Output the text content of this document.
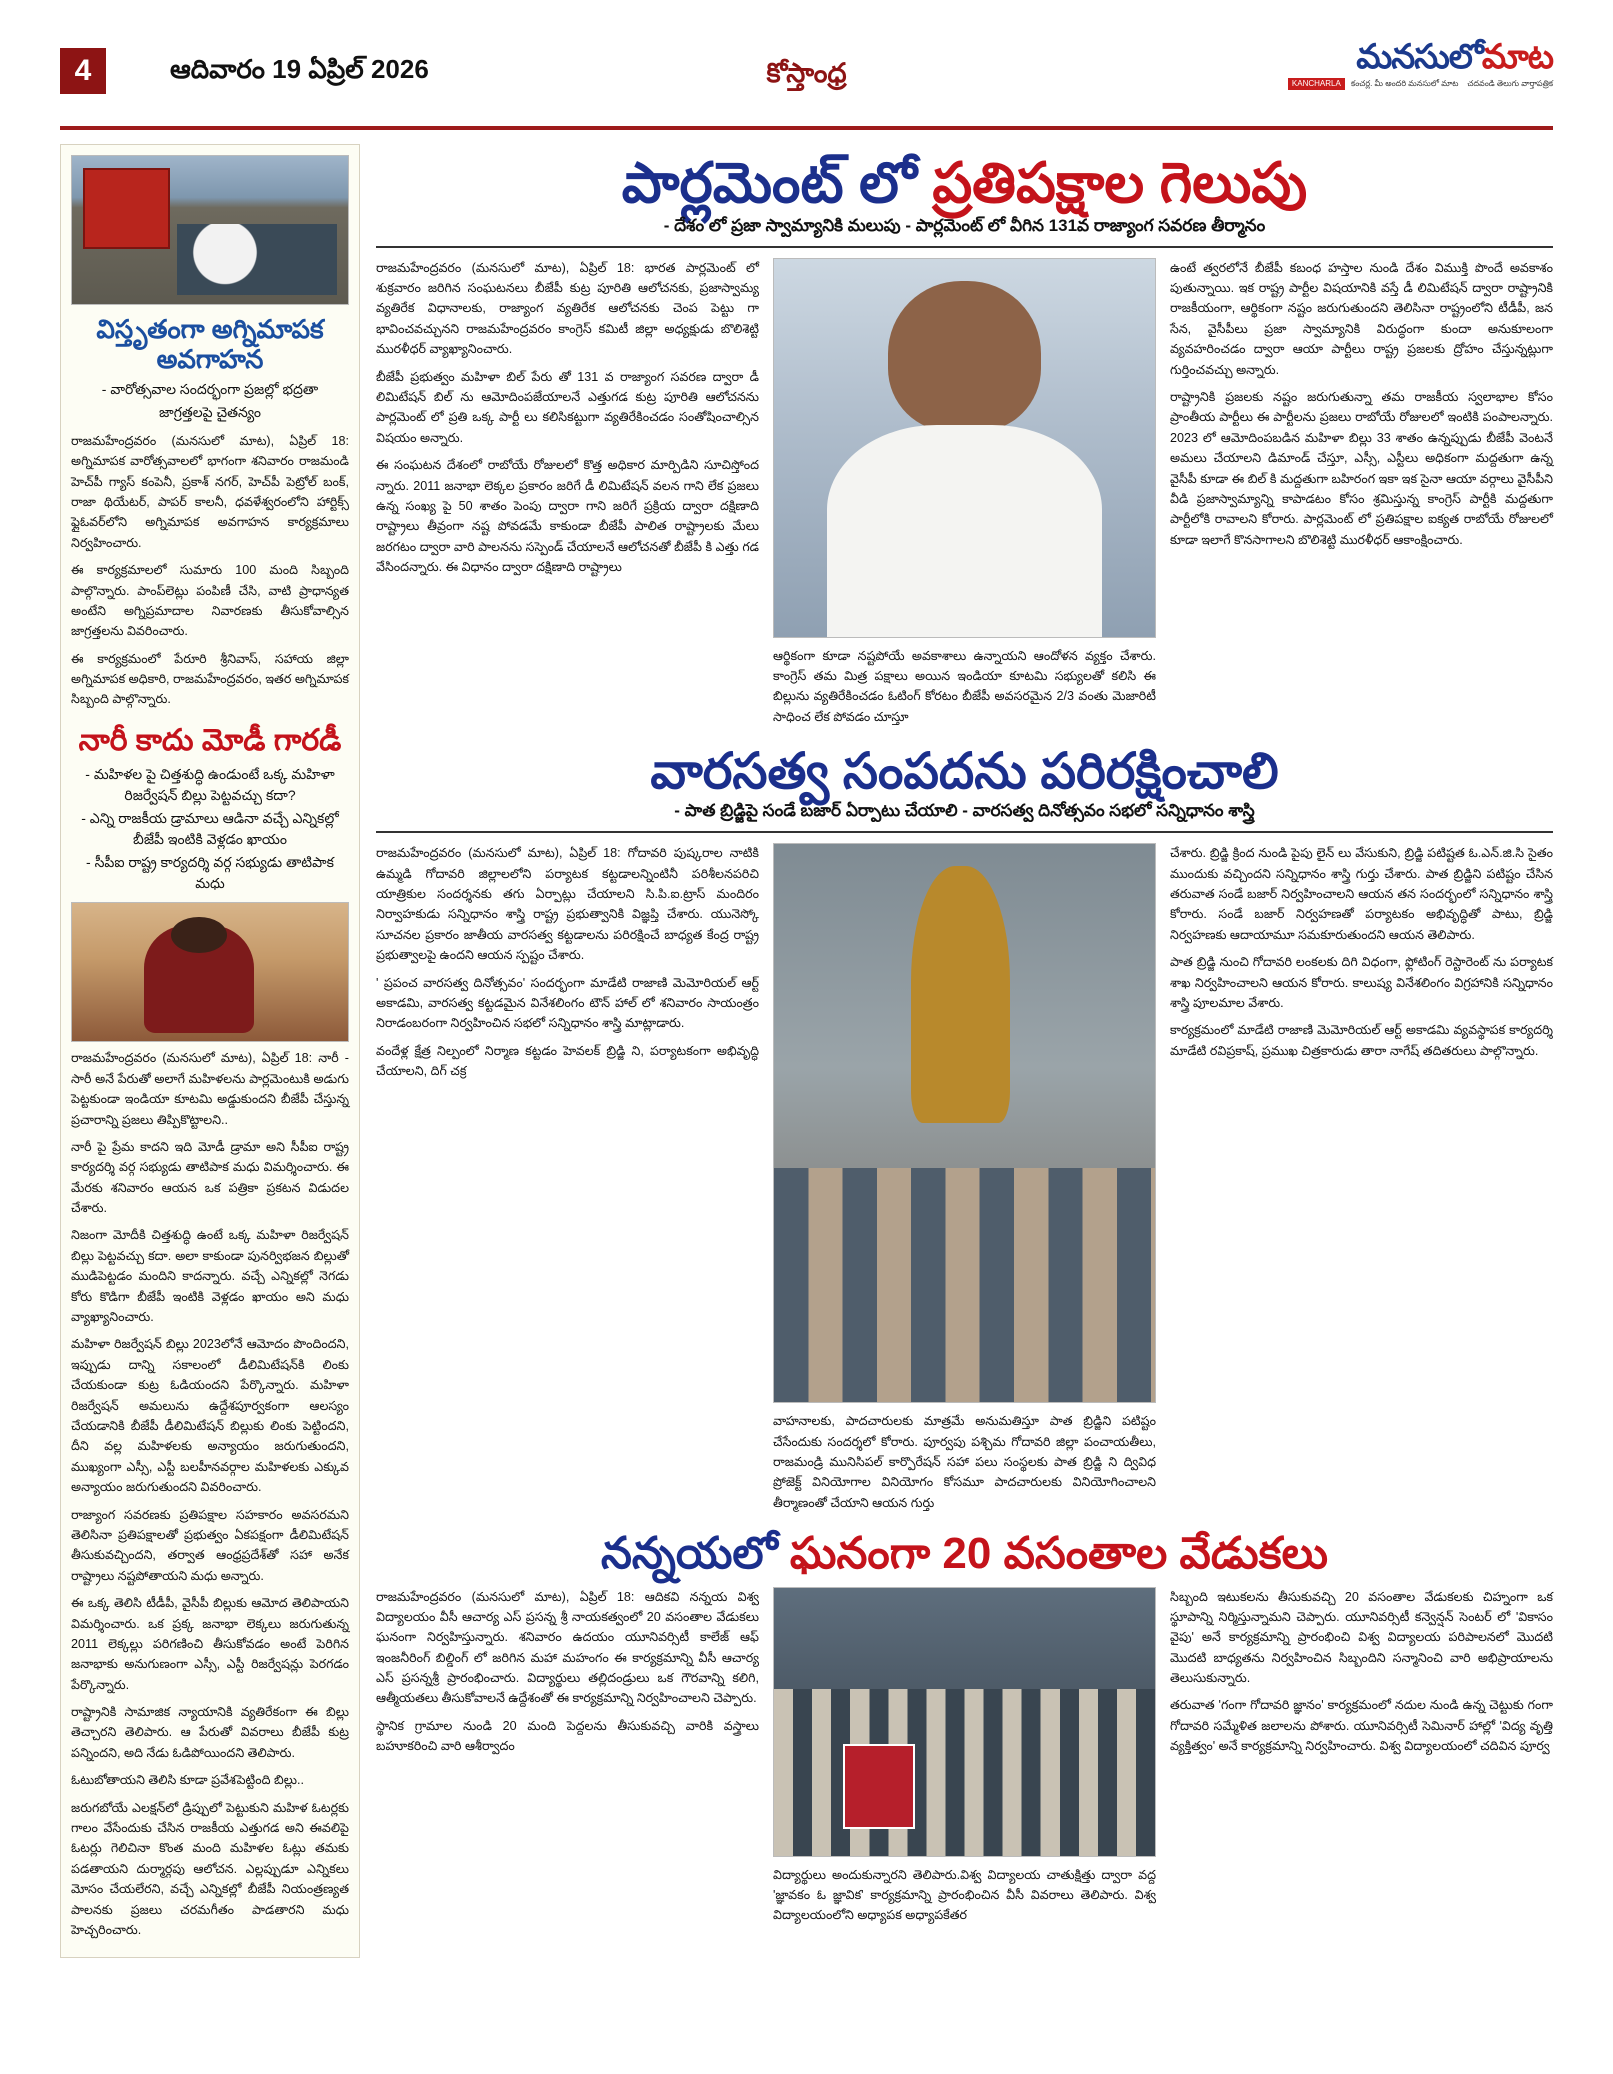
4	ఆదివారం 19 ఏప్రిల్ 2026	కోస్తాంధ్ర	మనసులోమాట
KANCHARLA కంచర్ల. మీ అందరి మనసులో మాట చదవండి తెలుగు వార్తాపత్రిక
విస్తృతంగా అగ్నిమాపక అవగాహన
- వారోత్సవాల సందర్భంగా ప్రజల్లో భద్రతా
జాగ్రత్తలపై చైతన్యం

రాజమహేంద్రవరం (మనసులో మాట), ఏప్రిల్ 18: అగ్నిమాపక వారోత్సవాలలో భాగంగా శనివారం రాజమండి హెచ్​పీ గ్యాస్ కంపెనీ, ప్రకాశ్ నగర్, హెచ్​పీ పెట్రోల్ బంక్, రాజా థియేటర్, పాపర్ కాలనీ, ధవళేశ్వరంలోని హార్టిక్స్ ఫ్లైఓవర్​లోని అగ్నిమాపక అవగాహన కార్యక్రమాలు నిర్వహించారు.

ఈ కార్యక్రమాలలో సుమారు 100 మంది సిబ్బంది పాల్గొన్నారు. పాంప్​లెట్లు పంపిణీ చేసి, వాటి ప్రాధాన్యత అంటేని అగ్నిప్రమాదాల నివారణకు తీసుకోవాల్సిన జాగ్రత్తలను వివరించారు.

ఈ కార్యక్రమంలో పేరూరి శ్రీనివాస్, సహాయ జిల్లా అగ్నిమాపక అధికారి, రాజమహేంద్రవరం, ఇతర అగ్నిమాపక సిబ్బంది పాల్గొన్నారు.

నారీ కాదు మోడీ గారడీ
- మహిళల పై చిత్తశుద్ధి ఉండుంటే ఒక్క మహిళా రిజర్వేషన్ బిల్లు పెట్టవచ్చు కదా?
- ఎన్ని రాజకీయ డ్రామాలు ఆడినా వచ్చే ఎన్నికల్లో బీజేపీ ఇంటికి వెళ్లడం ఖాయం
- సీపీఐ రాష్ట్ర కార్యదర్శి వర్గ సభ్యుడు తాటిపాక మధు

రాజమహేంద్రవరం (మనసులో మాట), ఏప్రిల్ 18: నారీ - సారీ అనే పేరుతో అలాగే మహిళలను పార్లమెంటుకి అడుగు పెట్టకుండా ఇండియా కూటమి అడ్డుకుందని బీజేపీ చేస్తున్న ప్రచారాన్ని ప్రజలు తిప్పికొట్టాలని..

నారీ పై ప్రేమ కాదని ఇది మోడీ డ్రామా అని సీపీఐ రాష్ట్ర కార్యదర్శి వర్గ సభ్యుడు తాటిపాక మధు విమర్శించారు. ఈ మేరకు శనివారం ఆయన ఒక పత్రికా ప్రకటన విడుదల చేశారు.

నిజంగా మోదీకి చిత్తశుద్ధి ఉంటే ఒక్క మహిళా రిజర్వేషన్ బిల్లు పెట్టవచ్చు కదా. అలా కాకుండా పునర్విభజన బిల్లుతో ముడిపెట్టడం మందిని కాదన్నారు. వచ్చే ఎన్నికల్లో నెగడు కోరు కొడిగా బీజేపీ ఇంటికి వెళ్లడం ఖాయం అని మధు వ్యాఖ్యానించారు.

మహిళా రిజర్వేషన్ బిల్లు 2023లోనే ఆమోదం పొందిందని, ఇప్పుడు దాన్ని సకాలంలో డీలిమిటేషన్​కి లింకు చేయకుండా కుట్ర ఓడియందని పేర్కొన్నారు. మహిళా రిజర్వేషన్ అమలును ఉద్దేశపూర్వకంగా ఆలస్యం చేయడానికి బీజేపీ డీలిమిటేషన్ బిల్లుకు లింకు పెట్టిందని, దీని వల్ల మహిళలకు అన్యాయం జరుగుతుందని, ముఖ్యంగా ఎస్సీ, ఎస్టీ బలహీనవర్గాల మహిళలకు ఎక్కువ అన్యాయం జరుగుతుందని వివరించారు.

రాజ్యాంగ సవరణకు ప్రతిపక్షాల సహకారం అవసరమని తెలిసినా ప్రతిపక్షాలతో ప్రభుత్వం ఏకపక్షంగా డీలిమిటేషన్ తీసుకువచ్చిందని, తర్వాత ఆంధ్రప్రదేశ్​తో సహా అనేక రాష్ట్రాలు నష్టపోతాయని మధు అన్నారు.

ఈ ఒక్క తెలిసి టీడీపీ, వైసీపీ బిల్లుకు ఆమోద తెలిపాయని విమర్శించారు. ఒక ప్రక్క జనాభా లెక్కలు జరుగుతున్న 2011 లెక్కల్లు పరిగణించి తీసుకోవడం అంటే పెరిగిన జనాభాకు అనుగుణంగా ఎస్సీ, ఎస్టీ రిజర్వేషన్లు పెరగడం పేర్కొన్నారు.

రాష్ట్రానికి సామాజిక న్యాయానికి వ్యతిరేకంగా ఈ బిల్లు తెచ్చారని తెలిపారు. ఆ పేరుతో వివరాలు బీజేపీ కుట్ర పన్నిందని, అది నేడు ఓడిపోయిందని తెలిపారు.

ఓటుబోతాయని తెలిసి కూడా ప్రవేశపెట్టింది బిల్లు..

జరుగబోయే ఎలక్షన్​లో డ్రిప్పులో పెట్టుకుని మహిళ ఓటర్లకు గాలం వేసేందుకు చేసిన రాజకీయ ఎత్తుగడ అని ఈవలిపై ఓటర్లు గెలిచినా కొంత మంది మహిళల ఓట్లు తమకు పడతాయని దుర్మార్గపు ఆలోచన. ఎల్లప్పుడూ ఎన్నికలు మోసం చేయలేరని, వచ్చే ఎన్నికల్లో బీజేపీ నియంత్రణ్యత పాలనకు ప్రజలు చరమగీతం పాడతారని మధు హెచ్చరించారు.

పార్లమెంట్ లో ప్రతిపక్షాల గెలుపు
- దేశం లో ప్రజా స్వామ్యానికి మలుపు - పార్లమెంట్ లో వీగిన 131వ రాజ్యాంగ సవరణ తీర్మానం

రాజమహేంద్రవరం (మనసులో మాట), ఏప్రిల్ 18: భారత పార్లమెంట్ లో శుక్రవారం జరిగిన సంఘటనలు బీజేపీ కుట్ర పూరితి ఆలోచనకు, ప్రజాస్వామ్య వ్యతిరేక విధానాలకు, రాజ్యాంగ వ్యతిరేక ఆలోచనకు చెంప పెట్టు గా భావించవచ్చునని రాజమహేంద్రవరం కాంగ్రెస్ కమిటీ జిల్లా అధ్యక్షుడు బొలిశెట్టి మురళీధర్ వ్యాఖ్యానించారు.

బీజేపీ ప్రభుత్వం మహిళా బిల్ పేరు తో 131 వ రాజ్యాంగ సవరణ ద్వారా డీ లిమిటేషన్ బిల్ ను ఆమోదింపజేయాలనే ఎత్తుగడ కుట్ర పూరితి ఆలోచనను పార్లమెంట్ లో ప్రతి ఒక్క పార్టీ లు కలిసికట్టుగా వ్యతిరేకించడం సంతోషించాల్సిన విషయం అన్నారు.

ఈ సంఘటన దేశంలో రాబోయే రోజులలో కొత్త అధికార మార్పిడిని సూచిస్తోంద న్నారు. 2011 జనాభా లెక్కల ప్రకారం జరిగే డీ లిమిటేషన్ వలన గాని లేక ప్రజలు ఉన్న సంఖ్య పై 50 శాతం పెంపు ద్వారా గాని జరిగే ప్రక్రియ ద్వారా దక్షిణాది రాష్ట్రాలు తీవ్రంగా నష్ట పోవడమే కాకుండా బీజేపీ పాలిత రాష్ట్రాలకు మేలు జరగటం ద్వారా వారి పాలనను సస్పెండ్ చేయాలనే ఆలోచనతో బీజేపీ కి ఎత్తు గడ వేసిందన్నారు. ఈ విధానం ద్వారా దక్షిణాది రాష్ట్రాలు

ఆర్థికంగా కూడా నష్టపోయే అవకాశాలు ఉన్నాయని ఆందోళన వ్యక్తం చేశారు. కాంగ్రెస్ తమ మిత్ర పక్షాలు అయిన ఇండియా కూటమి సభ్యులతో కలిసి ఈ బిల్లును వ్యతిరేకించడం ఓటింగ్ కోరటం బీజేపీ అవసరమైన 2/3 వంతు మెజారిటీ సాధించ లేక పోవడం చూస్తూ

ఉంటే త్వరలోనే బీజేపీ కబంధ హస్తాల నుండి దేశం విముక్తి పొందే అవకాశం పుతున్నాయి. ఇక రాష్ట్ర పార్టీల విషయానికి వస్తే డీ లిమిటేషన్ ద్వారా రాష్ట్రానికి రాజకీయంగా, ఆర్థికంగా నష్టం జరుగుతుందని తెలిసినా రాష్ట్రంలోని టీడీపీ, జన సేన, వైసీపీలు ప్రజా స్వామ్యానికి విరుద్ధంగా కుందా అనుకూలంగా వ్యవహరించడం ద్వారా ఆయా పార్టీలు రాష్ట్ర ప్రజలకు ద్రోహం చేస్తున్నట్లుగా గుర్తించవచ్చు అన్నారు.

రాష్ట్రానికి ప్రజలకు నష్టం జరుగుతున్నా తమ రాజకీయ స్వలాభాల కోసం ప్రాంతీయ పార్టీలు ఈ పార్టీలను ప్రజలు రాబోయే రోజులలో ఇంటికి పంపాలన్నారు. 2023 లో ఆమోదింపబడిన మహిళా బిల్లు 33 శాతం ఉన్నప్పుడు బీజేపీ వెంటనే అమలు చేయాలని డిమాండ్ చేస్తూ, ఎస్సీ, ఎస్టీలు అధికంగా మద్దతుగా ఉన్న వైసీపీ కూడా ఈ బిల్ కి మద్దతుగా బహిరంగ ఇకా ఇక సైనా ఆయా వర్గాలు వైసీపీని వీడి ప్రజాస్వామ్యాన్ని కాపాడటం కోసం శ్రమిస్తున్న కాంగ్రెస్ పార్టీకి మద్దతుగా పార్టీలోకి రావాలని కోరారు. పార్లమెంట్ లో ప్రతిపక్షాల ఐక్యత రాబోయే రోజులలో కూడా ఇలాగే కొనసాగాలని బొలిశెట్టి మురళీధర్ ఆకాంక్షించారు.

వారసత్వ సంపదను పరిరక్షించాలి
- పాత బ్రిడ్జిపై సండే బజార్ ఏర్పాటు చేయాలి - వారసత్వ దినోత్సవం సభలో సన్నిధానం శాస్త్రి

రాజమహేంద్రవరం (మనసులో మాట), ఏప్రిల్ 18: గోదావరి పుష్కరాల నాటికి ఉమ్మడి గోదావరి జిల్లాలలోని పర్యాటక కట్టడాలన్నింటినీ పరిశీలనపరిచి యాత్రికుల సందర్శనకు తగు ఏర్పాట్లు చేయాలని సి.పి.ఐ.ట్రాస్ మందిరం నిర్వాహకుడు సన్నిధానం శాస్త్రి రాష్ట్ర ప్రభుత్వానికి విజ్ఞప్తి చేశారు. యునెస్కో సూచనల ప్రకారం జాతీయ వారసత్వ కట్టడాలను పరిరక్షించే బాధ్యత కేంద్ర రాష్ట్ర ప్రభుత్వాలపై ఉందని ఆయన స్పష్టం చేశారు.

' ప్రపంచ వారసత్వ దినోత్సవం' సందర్భంగా మాడేటి రాజాణి మెమోరియల్ ఆర్ట్ అకాడమి, వారసత్వ కట్టడమైన వినేశలింగం టౌన్ హాల్ లో శనివారం సాయంత్రం నిరాడంబరంగా నిర్వహించిన సభలో సన్నిధానం శాస్త్రి మాట్లాడారు.

వందేళ్ల క్షేత్ర నిల్పంలో నిర్మాణ కట్టడం హెవలక్ బ్రిడ్జి ని, పర్యాటకంగా అభివృద్ధి చేయాలని, దిగ్ చక్ర

వాహనాలకు, పాదచారులకు మాత్రమే అనుమతిస్తూ పాత బ్రిడ్జిని పటిష్టం చేసేందుకు సందర్శలో కోరారు. పూర్వపు పశ్చిమ గోదావరి జిల్లా పంచాయతీలు, రాజమండ్రి మునిసిపల్ కార్పొరేషన్ సహా పలు సంస్థలకు పాత బ్రిడ్జి ని ద్వివిధ ప్రోజెక్ట్ వినియోగాల వినియోగం కోసమూ పాదచారులకు వినియోగించాలని తీర్మాణంతో చేయాని ఆయన గుర్తు

చేశారు. బ్రిడ్జి క్రింద నుండి పైపు లైన్ లు వేసుకుని, బ్రిడ్జి పటిష్టత ఓ.ఎన్.జి.సి సైతం ముందుకు వచ్చిందని సన్నిధానం శాస్త్రి గుర్తు చేశారు. పాత బ్రిడ్జిని పటిష్టం చేసిన తరువాత సండే బజార్ నిర్వహించాలని ఆయన తన సందర్భంలో సన్నిధానం శాస్త్రి కోరారు. సండే బజార్ నిర్వహణతో పర్యాటకం అభివృద్ధితో పాటు, బ్రిడ్జి నిర్వహణకు ఆదాయామూ సమకూరుతుందని ఆయన తెలిపారు.

పాత బ్రిడ్జి నుంచి గోదావరి లంకలకు దిగి విధంగా, ఫ్లోటింగ్ రెస్టారెంట్ ను పర్యాటక శాఖ నిర్వహించాలని ఆయన కోరారు. కాలుష్య వినేశలింగం విగ్రహానికి సన్నిధానం శాస్త్రి పూలమాల వేశారు.

కార్యక్రమంలో మాడేటి రాజాణి మెమోరియల్ ఆర్ట్ అకాడమి వ్యవస్థాపక కార్యదర్శి మాడేటి రవిప్రకాష్, ప్రముఖ చిత్రకారుడు తారా నాగేష్ తదితరులు పాల్గొన్నారు.

నన్నయలో ఘనంగా 20 వసంతాల వేడుకలు

రాజమహేంద్రవరం (మనసులో మాట), ఏప్రిల్ 18: ఆదికవి నన్నయ విశ్వ విద్యాలయం వీసీ ఆచార్య ఎస్ ప్రసన్న శ్రీ నాయకత్వంలో 20 వసంతాల వేడుకలు ఘనంగా నిర్వహిస్తున్నారు. శనివారం ఉదయం యూనివర్సిటీ కాలేజ్ ఆఫ్ ఇంజనీరింగ్ బిల్డింగ్ లో జరిగిన మహా మహంగం ఈ కార్యక్రమాన్ని వీసీ ఆచార్య ఎస్ ప్రసన్నశ్రీ ప్రారంభించారు. విద్యార్థులు తల్లిదండ్రులు ఒక గౌరవాన్ని కలిగి, ఆత్మీయతలు తీసుకోవాలనే ఉద్దేశంతో ఈ కార్యక్రమాన్ని నిర్వహించాలని చెప్పారు.

స్థానిక గ్రామాల నుండి 20 మంది పెద్దలను తీసుకువచ్చి వారికి వస్త్రాలు బహూకరించి వారి ఆశీర్వాదం

విద్యార్థులు అందుకున్నారని తెలిపారు.విశ్వ విద్యాలయ చాతుక్షిత్తు ద్వారా వద్ద 'జ్ఞావకం ఓ జ్ఞావిక' కార్యక్రమాన్ని ప్రారంభించిన వీసీ వివరాలు తెలిపారు. విశ్వ విద్యాలయంలోని అధ్యాపక అధ్యాపకేతర

సిబ్బంది ఇటుకలను తీసుకువచ్చి 20 వసంతాల వేడుకలకు చిహ్నంగా ఒక స్థూపాన్ని నిర్మిస్తున్నామని చెప్పారు. యూనివర్సిటీ కన్వెన్షన్ సెంటర్ లో 'వికాసం వైపు' అనే కార్యక్రమాన్ని ప్రారంభించి విశ్వ విద్యాలయ పరిపాలనలో మొదటి మొదటి బాధ్యతను నిర్వహించిన సిబ్బందిని సన్మానించి వారి అభిప్రాయాలను తెలుసుకున్నారు.

తరువాత 'గంగా గోదావరి జ్ఞానం' కార్యక్రమంలో నదుల నుండి ఉన్న చెట్టుకు గంగా గోదావరి సమ్మేళిత జలాలను పోశారు. యూనివర్సిటీ సెమినార్ హాల్లో 'విద్య వృత్తి వ్యక్తిత్వం' అనే కార్యక్రమాన్ని నిర్వహించారు. విశ్వ విద్యాలయంలో చదివిన పూర్వ
